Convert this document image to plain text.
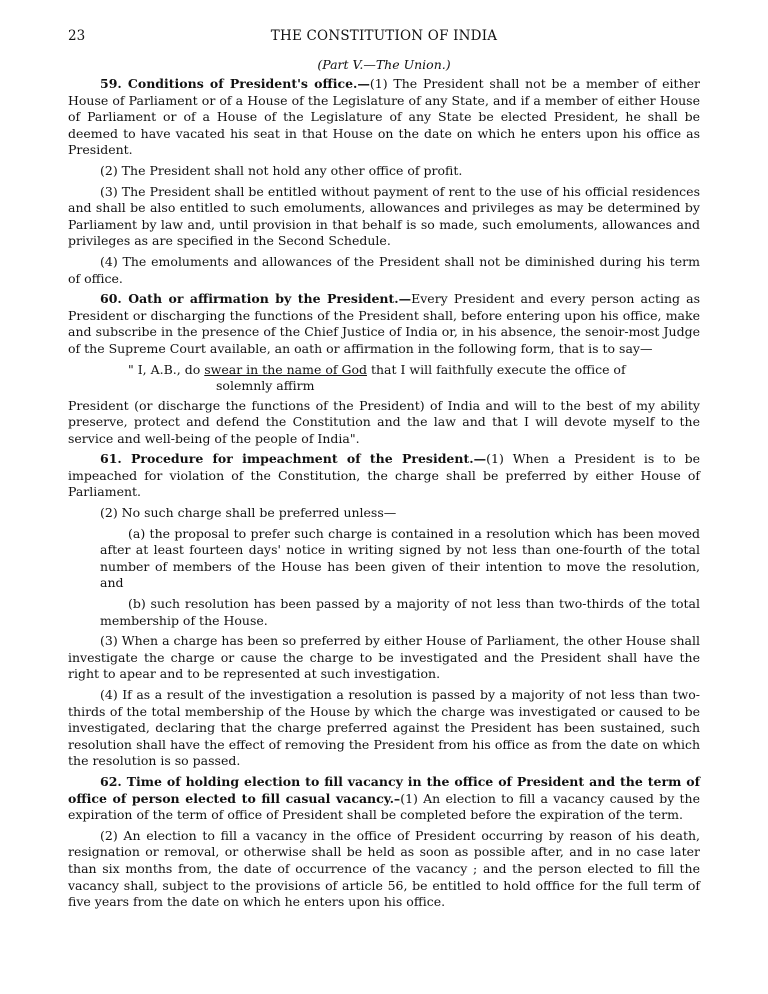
23	THE CONSTITUTION OF INDIA
(Part V.—The Union.)

59. Conditions of President's office.—(1) The President shall not be a member of either House of Parliament or of a House of the Legislature of any State, and if a member of either House of Parliament or of a House of the Legislature of any State be elected President, he shall be deemed to have vacated his seat in that House on the date on which he enters upon his office as President.

(2) The President shall not hold any other office of profit.

(3) The President shall be entitled without payment of rent to the use of his official residences and shall be also entitled to such emoluments, allowances and privileges as may be determined by Parliament by law and, until provision in that behalf is so made, such emoluments, allowances and privileges as are specified in the Second Schedule.

(4) The emoluments and allowances of the President shall not be diminished during his term of office.

60. Oath or affirmation by the President.—Every President and every person acting as President or discharging the functions of the President shall, before entering upon his office, make and subscribe in the presence of the Chief Justice of India or, in his absence, the senoir-most Judge of the Supreme Court available, an oath or affirmation in the following form, that is to say—

" I, A.B., do swear in the name of God that I will faithfully execute the office of
solemnly affirm

President (or discharge the functions of the President) of India and will to the best of my ability preserve, protect and defend the Constitution and the law and that I will devote myself to the service and well-being of the people of India".

61. Procedure for impeachment of the President.—(1) When a President is to be impeached for violation of the Constitution, the charge shall be preferred by either House of Parliament.

(2) No such charge shall be preferred unless—

(a) the proposal to prefer such charge is contained in a resolution which has been moved after at least fourteen days' notice in writing signed by not less than one-fourth of the total number of members of the House has been given of their intention to move the resolution, and

(b) such resolution has been passed by a majority of not less than two-thirds of the total membership of the House.

(3) When a charge has been so preferred by either House of Parliament, the other House shall investigate the charge or cause the charge to be investigated and the President shall have the right to apear and to be represented at such investigation.

(4) If as a result of the investigation a resolution is passed by a majority of not less than two-thirds of the total membership of the House by which the charge was investigated or caused to be investigated, declaring that the charge preferred against the President has been sustained, such resolution shall have the effect of removing the President from his office as from the date on which the resolution is so passed.

62. Time of holding election to fill vacancy in the office of President and the term of office of person elected to fill casual vacancy.–(1) An election to fill a vacancy caused by the expiration of the term of office of President shall be completed before the expiration of the term.

(2) An election to fill a vacancy in the office of President occurring by reason of his death, resignation or removal, or otherwise shall be held as soon as possible after, and in no case later than six months from, the date of occurrence of the vacancy ; and the person elected to fill the vacancy shall, subject to the provisions of article 56, be entitled to hold offfice for the full term of five years from the date on which he enters upon his office.
